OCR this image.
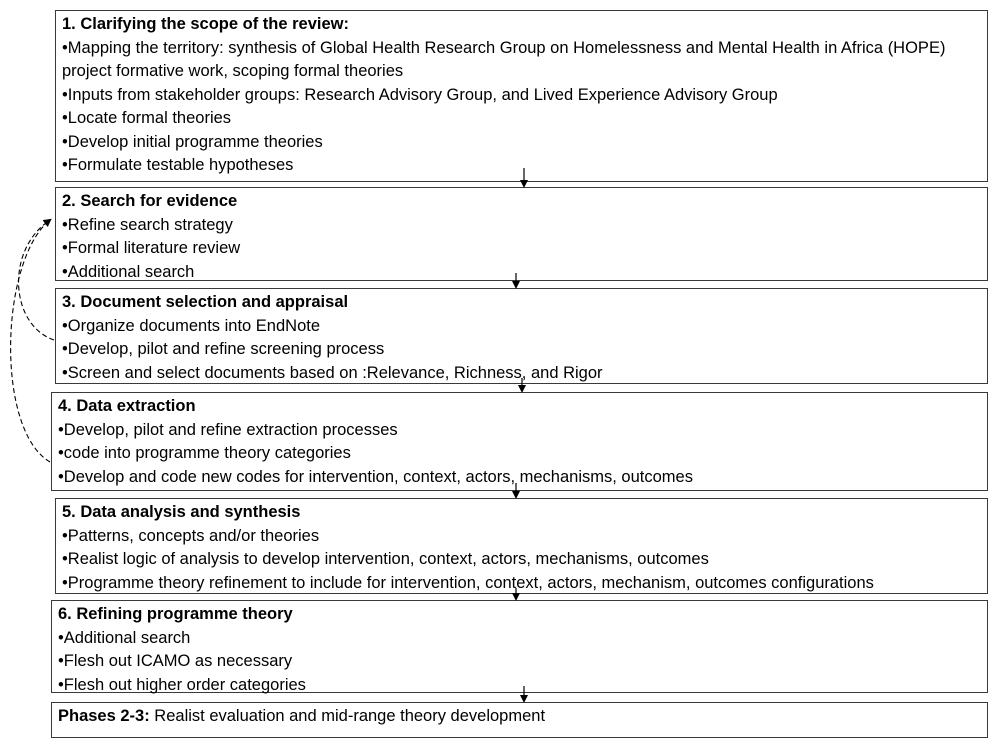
1. Clarifying the scope of the review:
•Mapping the territory: synthesis of Global Health Research Group on Homelessness and Mental Health in Africa (HOPE) project formative work, scoping formal theories
•Inputs from stakeholder groups: Research Advisory Group, and Lived Experience Advisory Group
•Locate formal theories
•Develop initial programme theories
•Formulate testable hypotheses
2. Search for evidence
•Refine search strategy
•Formal literature review
•Additional search
3. Document selection and appraisal
•Organize documents into EndNote
•Develop, pilot and refine screening process
•Screen and select documents based on :Relevance, Richness, and Rigor
4. Data extraction
•Develop, pilot and refine extraction processes
•code into programme theory categories
•Develop and code new codes for intervention, context, actors, mechanisms, outcomes
5. Data analysis and synthesis
•Patterns, concepts and/or theories
•Realist logic of analysis to develop intervention, context, actors, mechanisms, outcomes
•Programme theory refinement to include for intervention, context, actors, mechanism, outcomes configurations
6. Refining programme theory
•Additional search
•Flesh out ICAMO as necessary
•Flesh out higher order categories
Phases 2-3: Realist evaluation and mid-range theory development
